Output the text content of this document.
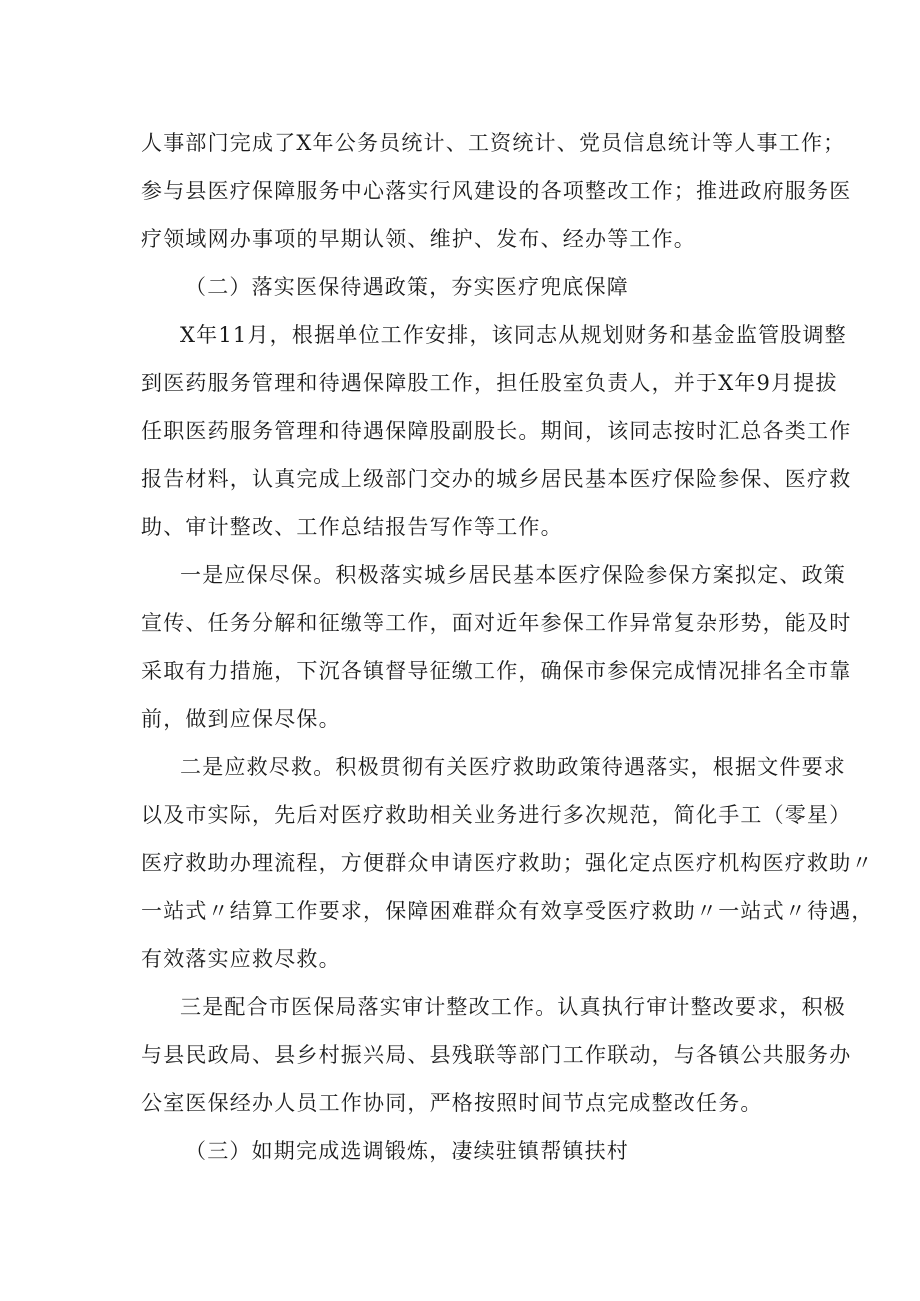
人事部门完成了X年公务员统计、工资统计、党员信息统计等人事工作；
参与县医疗保障服务中心落实行风建设的各项整改工作；推进政府服务医
疗领域网办事项的早期认领、维护、发布、经办等工作。
（二）落实医保待遇政策，夯实医疗兜底保障
X年11月，根据单位工作安排，该同志从规划财务和基金监管股调整
到医药服务管理和待遇保障股工作，担任股室负责人，并于X年9月提拔
任职医药服务管理和待遇保障股副股长。期间，该同志按时汇总各类工作
报告材料，认真完成上级部门交办的城乡居民基本医疗保险参保、医疗救
助、审计整改、工作总结报告写作等工作。
一是应保尽保。积极落实城乡居民基本医疗保险参保方案拟定、政策
宣传、任务分解和征缴等工作，面对近年参保工作异常复杂形势，能及时
采取有力措施，下沉各镇督导征缴工作，确保市参保完成情况排名全市靠
前，做到应保尽保。
二是应救尽救。积极贯彻有关医疗救助政策待遇落实，根据文件要求
以及市实际，先后对医疗救助相关业务进行多次规范，简化手工（零星）
医疗救助办理流程，方便群众申请医疗救助；强化定点医疗机构医疗救助〃
一站式〃结算工作要求，保障困难群众有效享受医疗救助〃一站式〃待遇，
有效落实应救尽救。
三是配合市医保局落实审计整改工作。认真执行审计整改要求，积极
与县民政局、县乡村振兴局、县残联等部门工作联动，与各镇公共服务办
公室医保经办人员工作协同，严格按照时间节点完成整改任务。
（三）如期完成选调锻炼，凄续驻镇帮镇扶村
